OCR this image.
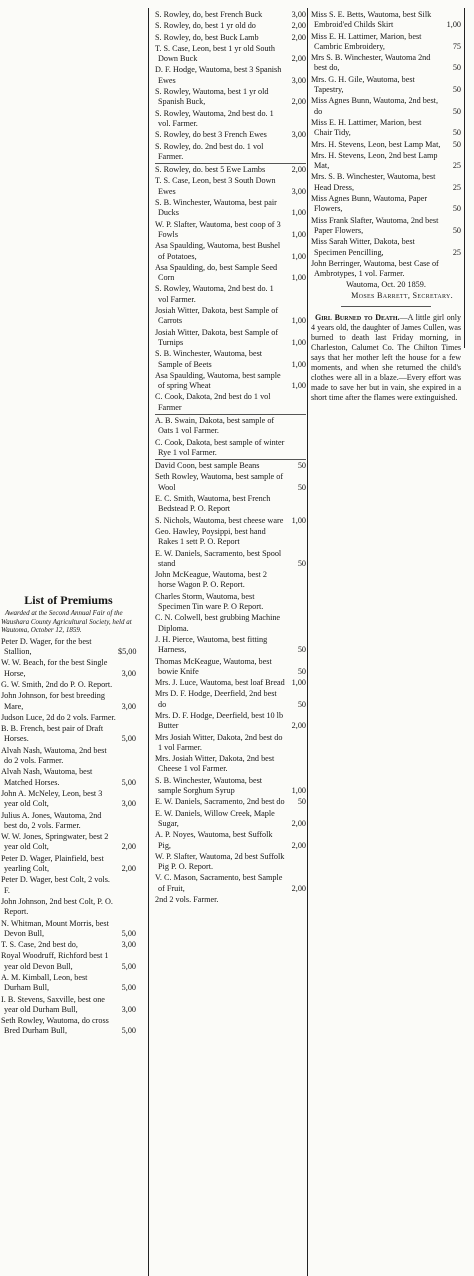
List of Premiums
Awarded at the Second Annual Fair of the Waushara County Agricultural Society, held at Wautoma, October 12, 1859.
Peter D. Wager, for the best Stallion,	$5,00
W. W. Beach, for the best Single Horse,	3,00
G. W. Smith, 2nd do P. O. Report.
John Johnson, for best breeding Mare,	3,00
Judson Luce, 2d do 2 vols. Farmer.
B. B. French, best pair of Draft Horses.	5,00
Alvah Nash, Wautoma, 2nd best do 2 vols. Farmer.
Alvah Nash, Wautoma, best Matched Horses.	5,00
John A. McNeley, Leon, best 3 year old Colt,	3,00
Julius A. Jones, Wautoma, 2nd best do, 2 vols. Farmer.
W. W. Jones, Springwater, best 2 year old Colt,	2,00
Peter D. Wager, Plainfield, best yearling Colt,	2,00
Peter D. Wager, best Colt, 2 vols. F.
John Johnson, 2nd best Colt, P. O. Report.
N. Whitman, Mount Morris, best Devon Bull,	5,00
T. S. Case, 2nd best do,	3,00
Royal Woodruff, Richford best 1 year old Devon Bull,	5,00
A. M. Kimball, Leon, best Durham Bull,	5,00
I. B. Stevens, Saxville, best one year old Durham Bull,	3,00
Seth Rowley, Wautoma, do cross Bred Durham Bull,	5,00
S. Rowley, do, best French Buck	3,00
S. Rowley, do, best 1 yr old do	2,00
S. Rowley, do, best Buck Lamb	2,00
T. S. Case, Leon, best 1 yr old South Down Buck	2,00
D. F. Hodge, Wautoma, best 3 Spanish Ewes	3,00
S. Rowley, Wautoma, best 1 yr old Spanish Buck,	2,00
S. Rowley, Wautoma, 2nd best do. 1 vol. Farmer.
S. Rowley, do best 3 French Ewes	3,00
S. Rowley, do. 2nd best do. 1 vol Farmer.
S. Rowley, do. best 5 Ewe Lambs	2,00
T. S. Case, Leon, best 3 South Down Ewes	3,00
S. B. Winchester, Wautoma, best pair Ducks	1,00
W. P. Slafter, Wautoma, best coop of 3 Fowls	1,00
Asa Spaulding, Wautoma, best Bushel of Potatoes,	1,00
Asa Spaulding, do, best Sample Seed Corn	1,00
S. Rowley, Wautoma, 2nd best do. 1 vol Farmer.
Josiah Witter, Dakota, best Sample of Carrots	1,00
Josiah Witter, Dakota, best Sample of Turnips	1,00
S. B. Winchester, Wautoma, best Sample of Beets	1,00
Asa Spaulding, Wautoma, best sample of spring Wheat	1,00
C. Cook, Dakota, 2nd best do 1 vol Farmer
A. B. Swain, Dakota, best sample of Oats 1 vol Farmer.
C. Cook, Dakota, best sample of winter Rye 1 vol Farmer.
David Coon, best sample Beans	50
Seth Rowley, Wautoma, best sample of Wool	50
E. C. Smith, Wautoma, best French Bedstead P. O. Report
S. Nichols, Wautoma, best cheese ware	1,00
Geo. Hawley, Poysippi, best hand Rakes 1 sett P. O. Report
E. W. Daniels, Sacramento, best Spool stand	50
John McKeague, Wautoma, best 2 horse Wagon P. O. Report.
Charles Storm, Wautoma, best Specimen Tin ware P. O Report.
C. N. Colwell, best grubbing Machine Diploma.
J. H. Pierce, Wautoma, best fitting Harness,	50
Thomas McKeague, Wautoma, best bowie Knife	50
Mrs. J. Luce, Wautoma, best loaf Bread 1,00
Mrs D. F. Hodge, Deerfield, 2nd best do	50
Mrs. D. F. Hodge, Deerfield, best 10 lb Butter	2,00
Mrs Josiah Witter, Dakota, 2nd best do 1 vol Farmer.
Mrs. Josiah Witter, Dakota, 2nd best Cheese 1 vol Farmer.
S. B. Winchester, Wautoma, best sample Sorghum Syrup	1,00
E. W. Daniels, Sacramento, 2nd best do	50
E. W. Daniels, Willow Creek, Maple Sugar,	2,00
A. P. Noyes, Wautoma, best Suffolk Pig,	2,00
W. P. Slafter, Wautoma, 2d best Suffolk Pig P. O. Report.
V. C. Mason, Sacramento, best Sample of Fruit,	2,00
2nd 2 vols. Farmer.
Miss S. E. Betts, Wautoma, best Silk Embroid'ed Childs Skirt	1,00
Miss E. H. Lattimer, Marion, best Cambric Embroidery,	75
Mrs S. B. Winchester, Wautoma 2nd best do,	50
Mrs. G. H. Gile, Wautoma, best Tapestry,	50
Miss Agnes Bunn, Wautoma, 2nd best, do	50
Miss E. H. Lattimer, Marion, best Chair Tidy,	50
Mrs. H. Stevens, Leon, best Lamp Mat,	50
Mrs. H. Stevens, Leon, 2nd best Lamp Mat,	25
Mrs. S. B. Winchester, Wautoma, best Head Dress,	25
Miss Agnes Bunn, Wautoma, Paper Flowers,	50
Miss Frank Slafter, Wautoma, 2nd best Paper Flowers,	50
Miss Sarah Witter, Dakota, best Specimen Pencilling,	25
John Berringer, Wautoma, best Case of Ambrotypes, 1 vol. Farmer.
Wautoma, Oct. 20 1859.
Moses Barrett, Secretary.
Girl Burned to Death.—A little girl only 4 years old, the daughter of James Cullen, was burned to death last Friday morning, in Charleston, Calumet Co. The Chilton Times says that her mother left the house for a few moments, and when she returned the child's clothes were all in a blaze.—Every effort was made to save her but in vain, she expired in a short time after the flames were extinguished.
